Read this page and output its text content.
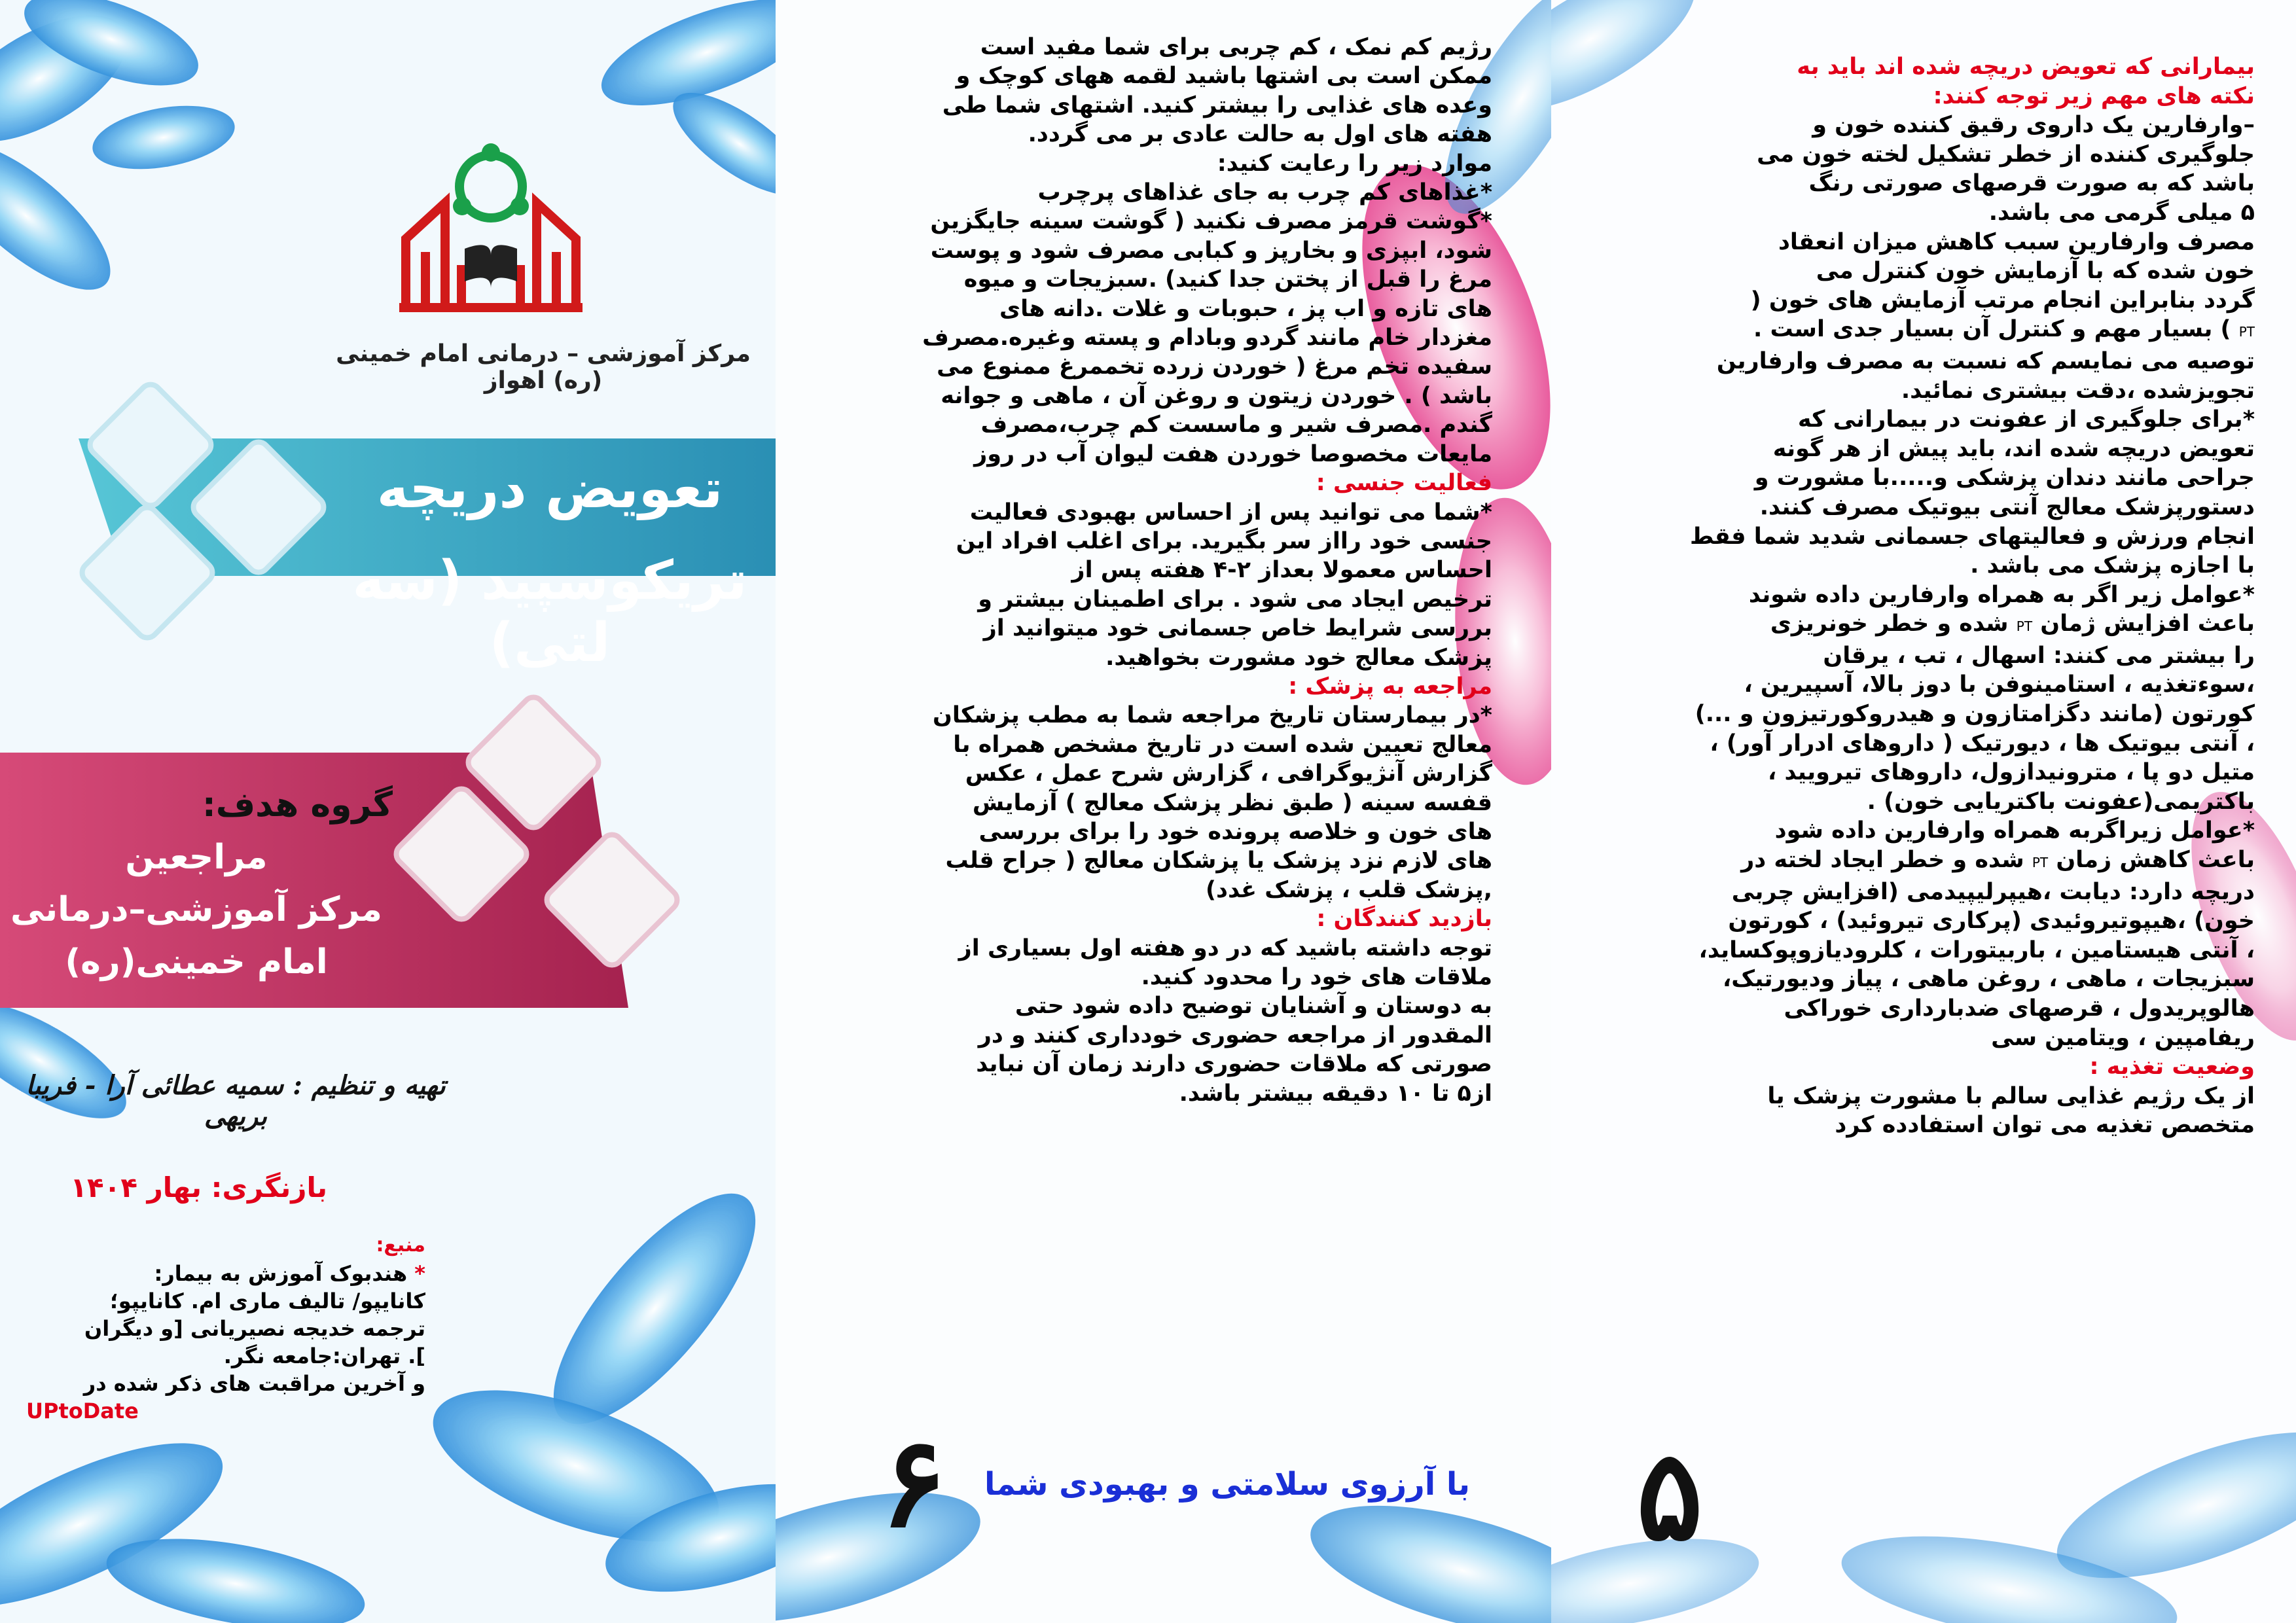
مرکز آموزشی – درمانی امام خمینی (ره) اهواز
تعویض دریچه
تریکوسپید (سه لتی)
گروه هدف:
مراجعین
مرکز آموزشی–درمانی
امام خمینی(ره)
تهیه و تنظیم : سمیه عطائی آرا - فریبا بریهی
بازنگری: بهار ۱۴۰۴
منبع:
* هندبوک آموزش به بیمار:
کانایپو/ تالیف ماری ام. کانایپو؛
ترجمه خدیجه نصیریانی [و دیگران
]. تهران:جامعه نگر.
و آخرین مراقبت های ذکر شده در
UPtoDate
رژیم کم نمک ، کم چربی برای شما مفید است
ممکن است بی اشتها باشید لقمه ههای کوچک و
وعده های غذایی را بیشتر کنید. اشتهای شما طی
هفته های اول به حالت عادی بر می گردد.
موارد زیر را رعایت کنید:
*غذاهای کم چرب به جای غذاهای پرچرب
*گوشت قرمز مصرف نکنید ( گوشت سینه جایگزین
شود، ابپزی و بخارپز و کبابی مصرف شود و پوست
مرغ را قبل از پختن جدا کنید) .سبزیجات و میوه
های تازه و اب پز ، حبوبات و غلات .دانه های
مغزدار خام مانند گردو وبادام و پسته وغیره.مصرف
سفیده تخم مرغ ( خوردن زرده تخممرغ ممنوع می
باشد ) . خوردن زیتون و روغن آن ، ماهی و جوانه
گندم .مصرف شیر و ماسست کم چرب،مصرف
مایعات مخصوصا خوردن هفت لیوان آب در روز
فعالیت جنسی :
*شما می توانید پس از احساس بهبودی فعالیت
جنسی خود رااز سر بگیرید. برای اغلب افراد این
احساس معمولا بعداز ۲-۴ هفته پس از
ترخیص ایجاد می شود . برای اطمینان بیشتر و
بررسی شرایط خاص جسمانی خود میتوانید از
پزشک معالج خود مشورت بخواهید.
مراجعه به پزشک :
*در بیمارستان تاریخ مراجعه شما به مطب پزشکان
معالج تعیین شده است در تاریخ مشخص همراه با
گزارش آنژیوگرافی ، گزارش شرح عمل ، عکس
قفسه سینه ( طبق نظر پزشک معالج ) آزمایش
های خون و خلاصه پرونده خود را برای بررسی
های لازم نزد پزشک یا پزشکان معالج ( جراح قلب
,پزشک قلب ، پزشک غدد)
بازدید کنندگان :
توجه داشته باشید که در دو هفته اول بسیاری از
ملاقات های خود را محدود کنید.
به دوستان و آشنایان توضیح داده شود حتی
المقدور از مراجعه حضوری خودداری کنند و در
صورتی که ملاقات حضوری دارند زمان آن نباید
از۵ تا ۱۰ دقیقه بیشتر باشد.
با آرزوی سلامتی و بهبودی شما
۶
بیمارانی که تعویض دریچه شده اند باید به
نکته های مهم زیر توجه کنند:
–وارفارین یک داروی رقیق کننده خون و
جلوگیری کننده از خطر تشکیل لخته خون می
باشد که به صورت قرصهای صورتی رنگ
۵ میلی گرمی می باشد.
مصرف وارفارین سبب کاهش میزان انعقاد
خون شده که با آزمایش خون کنترل می
گردد بنابراین انجام مرتب آزمایش های خون (
PT ) بسیار مهم و کنترل آن بسیار جدی است .
توصیه می نمایسم که نسبت به مصرف وارفارین
تجویزشده ،دقت بیشتری نمائید.
*برای جلوگیری از عفونت در بیمارانی که
تعویض دریچه شده اند، باید پیش از هر گونه
جراحی مانند دندان پزشکی و.....با مشورت و
دستورپزشک معالج آنتی بیوتیک مصرف کنند.
انجام ورزش و فعالیتهای جسمانی شدید شما فقط
با اجازه پزشک می باشد .
*عوامل زیر اگر به همراه وارفارین داده شوند
باعث افزایش ژمان PT شده و خطر خونریزی
را بیشتر می کنند: اسهال ، تب ، یرقان
،سوءتغذیه ، استامینوفن با دوز بالا، آسپیرین ،
کورتون (مانند دگزامتازون و هیدروکورتیزون و ...)
، آنتی بیوتیک ها ، دیورتیک ( داروهای ادرار آور) ،
متیل دو پا ، مترونیدازول، داروهای تیرویید ،
باکتریمی(عفونت باکتریایی خون) .
*عوامل زیراگربه همراه وارفارین داده شود
باعث کاهش زمان PT شده و خطر ایجاد لخته در
دریچه دارد: دیابت ،هیپرلیپیدمی (افزایش چربی
خون) ،هیپوتیروئیدی (پرکاری تیروئید) ، کورتون
، آنتی هیستامین ، باربیتورات ، کلرودیازوپوکساید،
سبزیجات ، ماهی ، روغن ماهی ، پیاز ودیورتیک،
هالوپریدول ، قرصهای ضدبارداری خوراکی
ریفامپین ، ویتامین سی
وضعیت تغذیه :
از یک رژیم غذایی سالم با مشورت پزشک یا
متخصص تغذیه می توان استفادده کرد
۵
